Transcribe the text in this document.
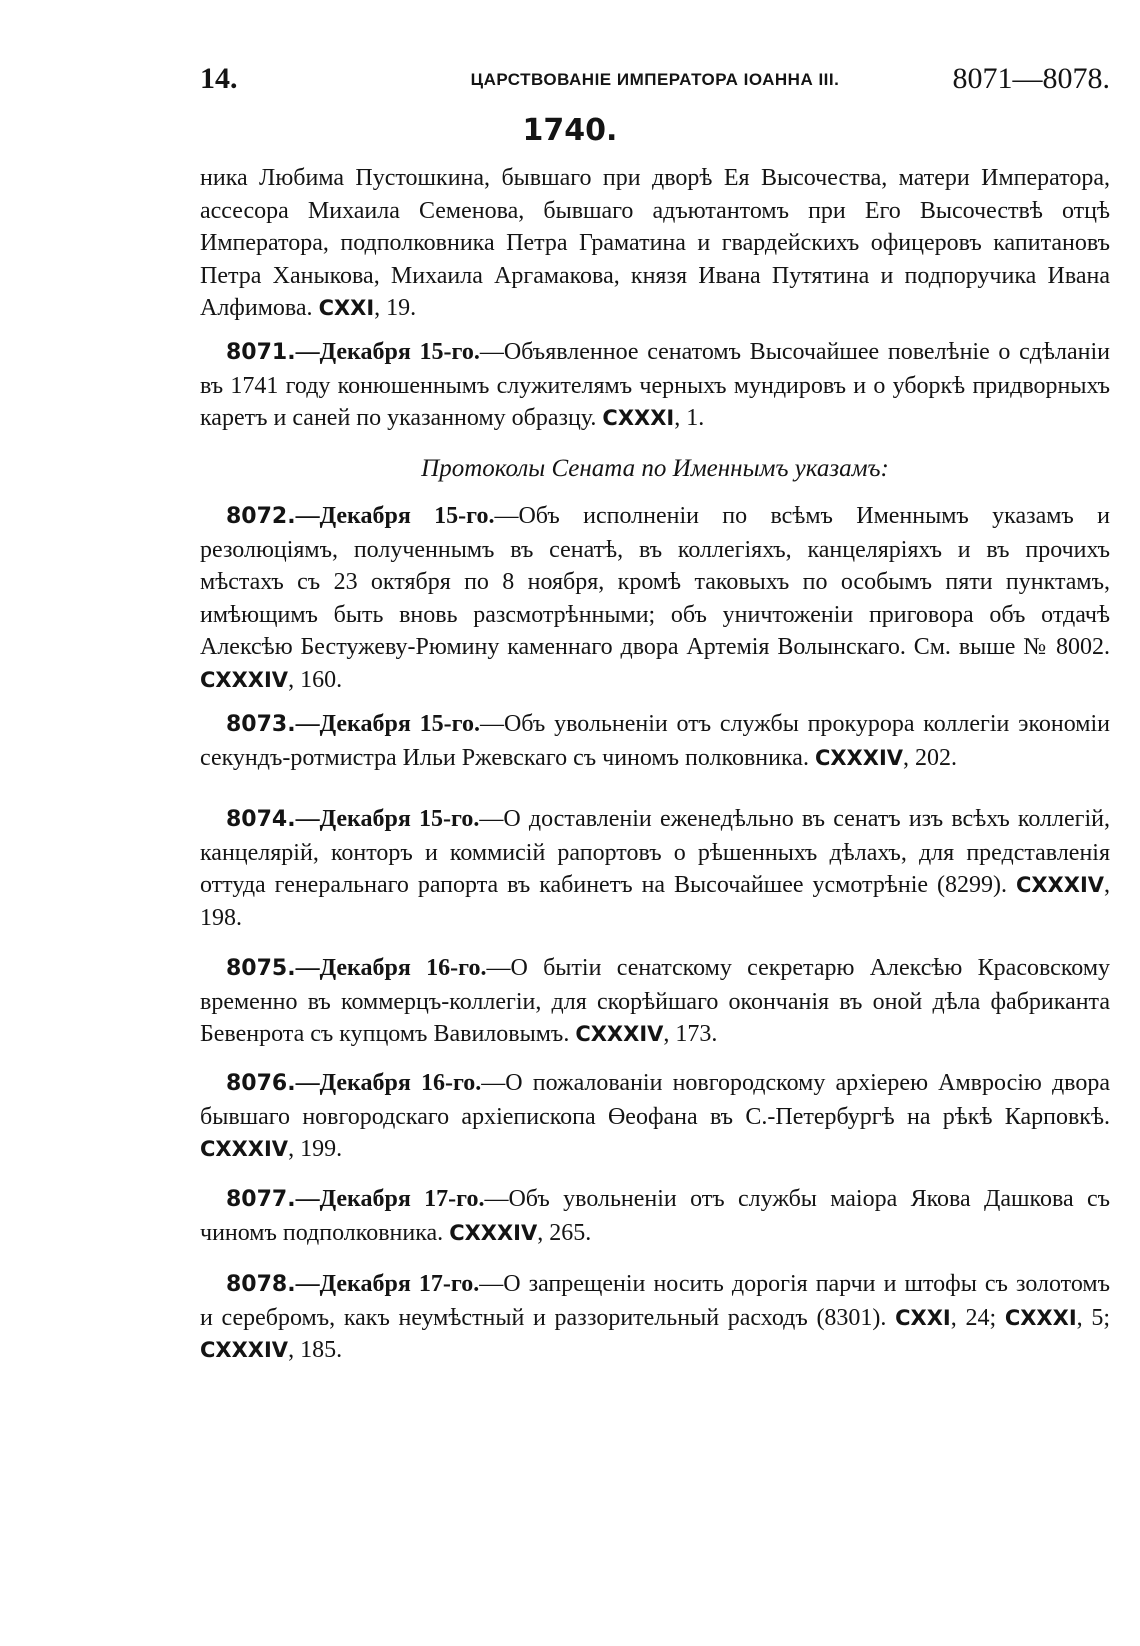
14.	ЦАРСТВОВАНІЕ ИМПЕРАТОРА ІОАННА III.	8071—8078.
1740.

ника Любима Пустошкина, бывшаго при дворѣ Ея Высочества, матери Императора, ассесора Михаила Семенова, бывшаго адъютантомъ при Его Высочествѣ отцѣ Императора, подполковника Петра Граматина и гвардейскихъ офицеровъ капитановъ Петра Ханыкова, Михаила Аргамакова, князя Ивана Путятина и подпоручика Ивана Алфимова. CXXI, 19.

8071.—Декабря 15-го.—Объявленное сенатомъ Высочайшее повелѣніе о сдѣланіи въ 1741 году конюшеннымъ служителямъ черныхъ мундировъ и о уборкѣ придворныхъ каретъ и саней по указанному образцу. CXXXI, 1.

Протоколы Сената по Именнымъ указамъ:

8072.—Декабря 15-го.—Объ исполненіи по всѣмъ Именнымъ указамъ и резолюціямъ, полученнымъ въ сенатѣ, въ коллегіяхъ, канцеляріяхъ и въ прочихъ мѣстахъ съ 23 октября по 8 ноября, кромѣ таковыхъ по особымъ пяти пунктамъ, имѣющимъ быть вновь разсмотрѣнными; объ уничтоженіи приговора объ отдачѣ Алексѣю Бестужеву-Рюмину каменнаго двора Артемія Волынскаго. См. выше № 8002. CXXXIV, 160.

8073.—Декабря 15-го.—Объ увольненіи отъ службы прокурора коллегіи экономіи секундъ-ротмистра Ильи Ржевскаго съ чиномъ полковника. CXXXIV, 202.

8074.—Декабря 15-го.—О доставленіи еженедѣльно въ сенатъ изъ всѣхъ коллегій, канцелярій, конторъ и коммисій рапортовъ о рѣшенныхъ дѣлахъ, для представленія оттуда генеральнаго рапорта въ кабинетъ на Высочайшее усмотрѣніе (8299). CXXXIV, 198.

8075.—Декабря 16-го.—О бытіи сенатскому секретарю Алексѣю Красовскому временно въ коммерцъ-коллегіи, для скорѣйшаго окончанія въ оной дѣла фабриканта Бевенрота съ купцомъ Вавиловымъ. CXXXIV, 173.

8076.—Декабря 16-го.—О пожалованіи новгородскому архіерею Амвросію двора бывшаго новгородскаго архіепископа Өеофана въ С.-Петербургѣ на рѣкѣ Карповкѣ. CXXXIV, 199.

8077.—Декабря 17-го.—Объ увольненіи отъ службы маіора Якова Дашкова съ чиномъ подполковника. CXXXIV, 265.

8078.—Декабря 17-го.—О запрещеніи носить дорогія парчи и штофы съ золотомъ и серебромъ, какъ неумѣстный и раззорительный расходъ (8301). CXXI, 24; CXXXI, 5; CXXXIV, 185.
